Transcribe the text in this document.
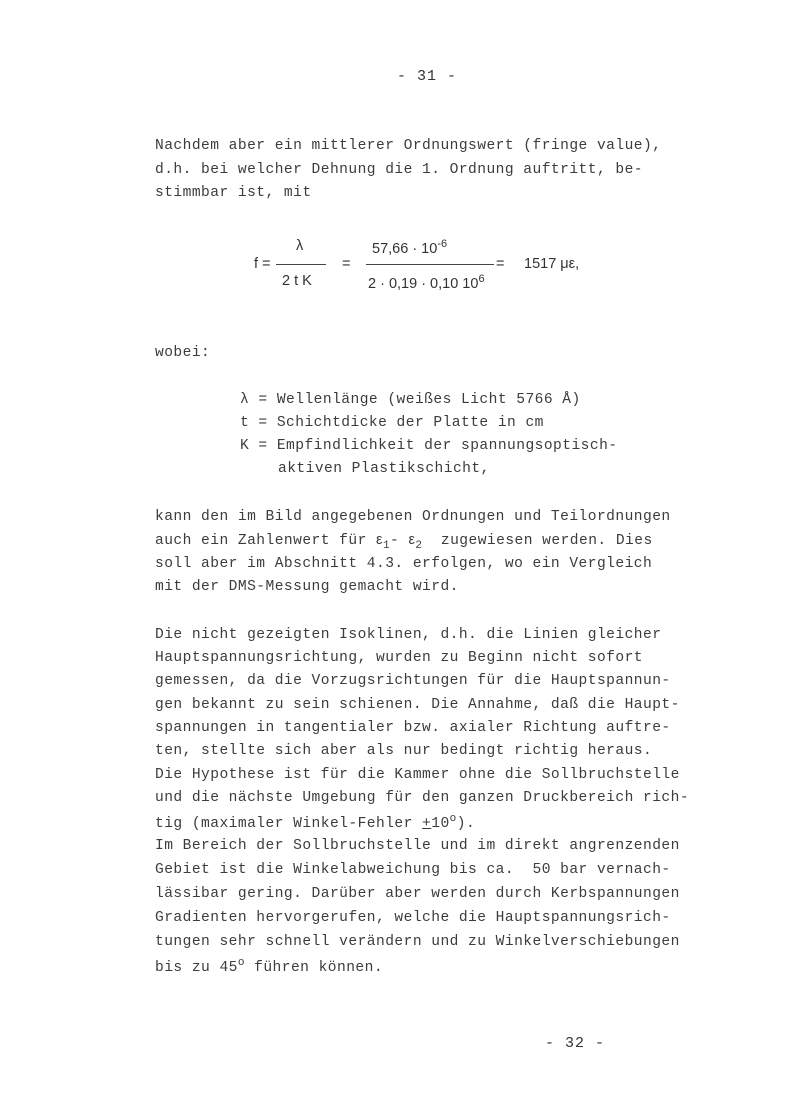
- 31 -
Nachdem aber ein mittlerer Ordnungswert (fringe value),
d.h. bei welcher Dehnung die 1. Ordnung auftritt, be-
stimmbar ist, mit
f =
λ
2 t K
=
$57,66 \cdot 10^{-6}$
2 · 0,19 · 0,10 $10^6$
= 1517 με,
wobei:
λ = Wellenlänge (weißes Licht 5766 Å)
t = Schichtdicke der Platte in cm
K = Empfindlichkeit der spannungsoptisch-
aktiven Plastikschicht,
kann den im Bild angegebenen Ordnungen und Teilordnungen
auch ein Zahlenwert für $\varepsilon_1-$ $\varepsilon_2$  zugewiesen werden. Dies
soll aber im Abschnitt 4.3. erfolgen, wo ein Vergleich
mit der DMS-Messung gemacht wird.
Die nicht gezeigten Isoklinen, d.h. die Linien gleicher
Hauptspannungsrichtung, wurden zu Beginn nicht sofort
gemessen, da die Vorzugsrichtungen für die Hauptspannun-
gen bekannt zu sein schienen. Die Annahme, daß die Haupt-
spannungen in tangentialer bzw. axialer Richtung auftre-
ten, stellte sich aber als nur bedingt richtig heraus.
Die Hypothese ist für die Kammer ohne die Sollbruchstelle
und die nächste Umgebung für den ganzen Druckbereich rich-
tig (maximaler Winkel-Fehler $+10^o$).
Im Bereich der Sollbruchstelle und im direkt angrenzenden
Gebiet ist die Winkelabweichung bis ca.  50 bar vernach-
lässibar gering. Darüber aber werden durch Kerbspannungen
Gradienten hervorgerufen, welche die Hauptspannungsrich-
tungen sehr schnell verändern und zu Winkelverschiebungen
bis zu 45$^o$ führen können.
- 32 -
